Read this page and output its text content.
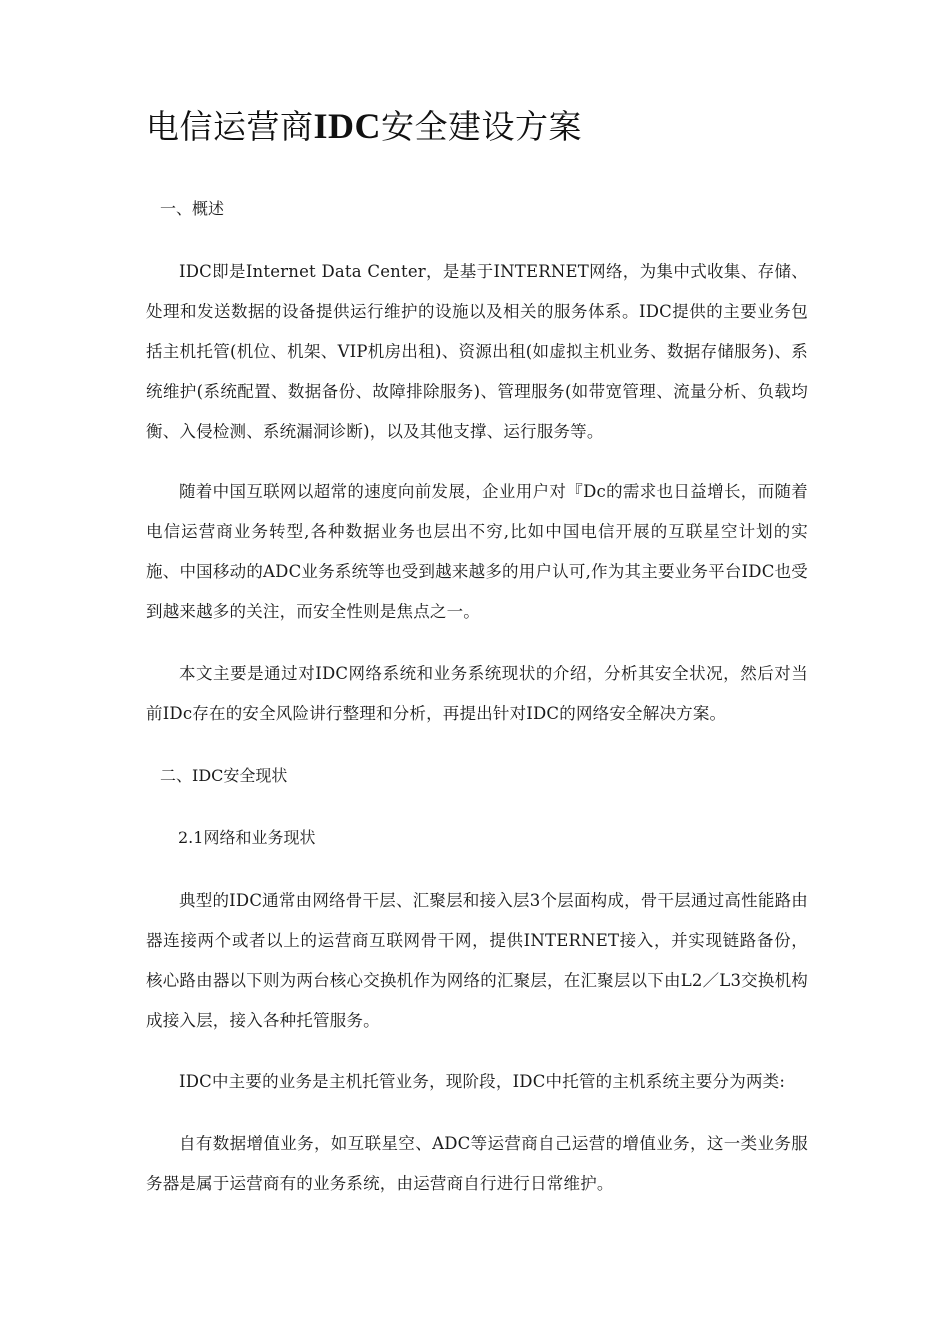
电信运营商IDC安全建设方案
一、概述

IDC即是Internet Data Center，是基于INTERNET网络，为集中式收集、存储、处理和发送数据的设备提供运行维护的设施以及相关的服务体系。IDC提供的主要业务包括主机托管(机位、机架、VIP机房出租)、资源出租(如虚拟主机业务、数据存储服务)、系统维护(系统配置、数据备份、故障排除服务)、管理服务(如带宽管理、流量分析、负载均衡、入侵检测、系统漏洞诊断)，以及其他支撑、运行服务等。

随着中国互联网以超常的速度向前发展，企业用户对『Dc的需求也日益增长，而随着电信运营商业务转型,各种数据业务也层出不穷,比如中国电信开展的互联星空计划的实施、中国移动的ADC业务系统等也受到越来越多的用户认可,作为其主要业务平台IDC也受到越来越多的关注，而安全性则是焦点之一。

本文主要是通过对IDC网络系统和业务系统现状的介绍，分析其安全状况，然后对当前IDc存在的安全风险讲行整理和分析，再提出针对IDC的网络安全解决方案。

二、IDC安全现状
2.1网络和业务现状

典型的IDC通常由网络骨干层、汇聚层和接入层3个层面构成，骨干层通过高性能路由器连接两个或者以上的运营商互联网骨干网，提供INTERNET接入，并实现链路备份，核心路由器以下则为两台核心交换机作为网络的汇聚层，在汇聚层以下由L2／L3交换机构成接入层，接入各种托管服务。

IDC中主要的业务是主机托管业务，现阶段，IDC中托管的主机系统主要分为两类:

自有数据增值业务，如互联星空、ADC等运营商自己运营的增值业务，这一类业务服务器是属于运营商有的业务系统，由运营商自行进行日常维护。
